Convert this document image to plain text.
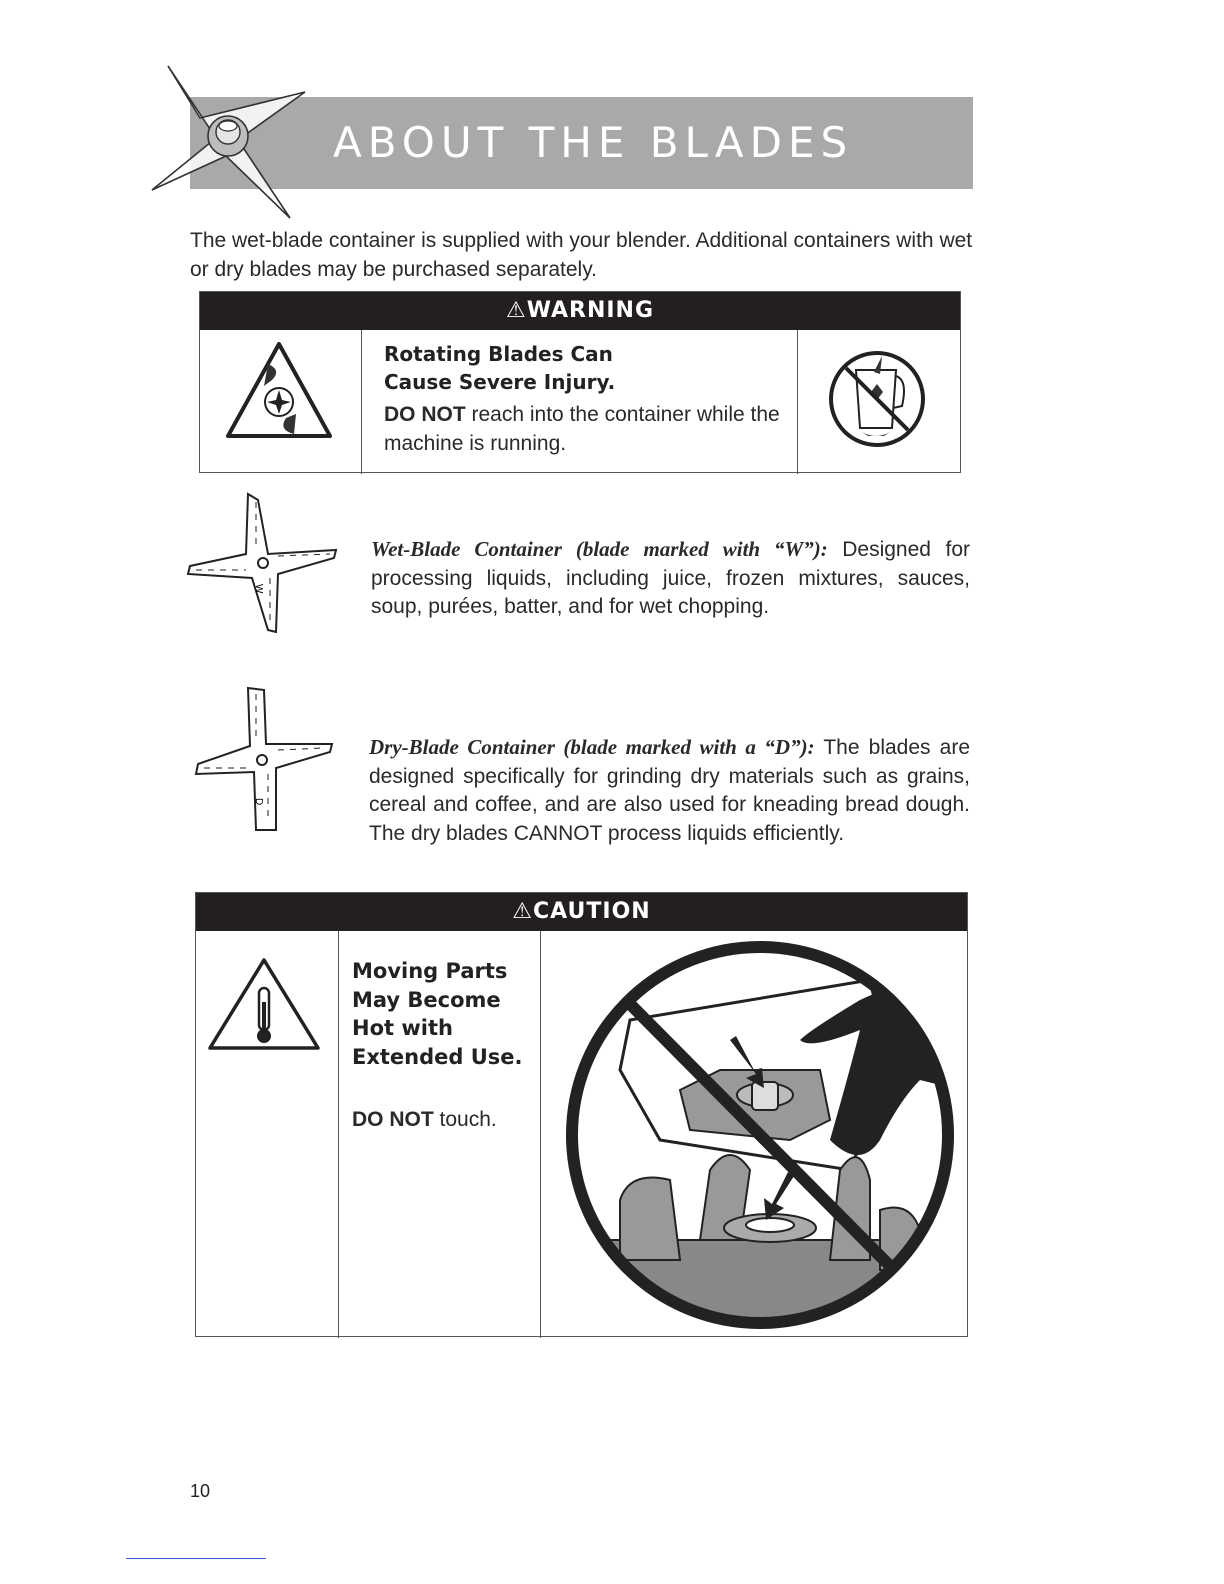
ABOUT THE BLADES
The wet-blade container is supplied with your blender. Additional containers with wet or dry blades may be purchased separately.
⚠WARNING
Rotating Blades Can
Cause Severe Injury.
DO NOT reach into the container while the machine is running.
W
Wet-Blade Container (blade marked with “W”): Designed for processing liquids, including juice, frozen mixtures, sauces, soup, purées, batter, and for wet chopping.
D
Dry-Blade Container (blade marked with a “D”): The blades are designed specifically for grinding dry materials such as grains, cereal and coffee, and are also used for kneading bread dough. The dry blades CANNOT process liquids efficiently.
⚠CAUTION
Moving Parts
May Become
Hot with
Extended Use.
DO NOT touch.
10
